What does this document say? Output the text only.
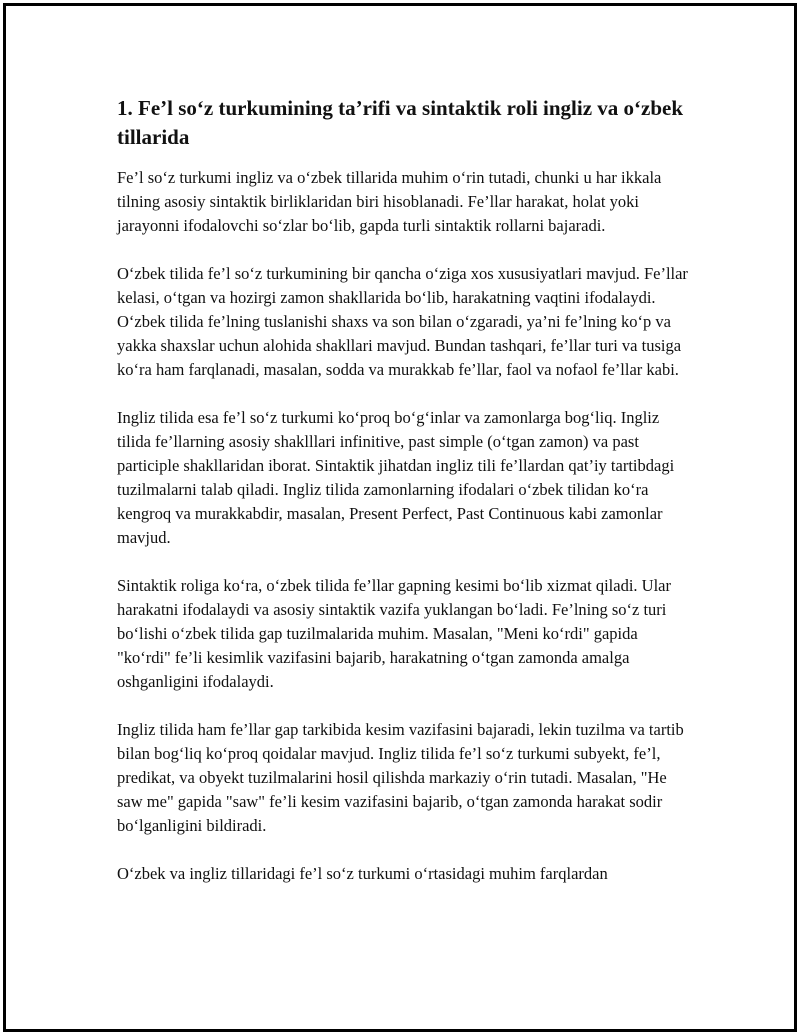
1. Fe’l so‘z turkumining ta’rifi va sintaktik roli ingliz va o‘zbek tillarida

Fe’l so‘z turkumi ingliz va o‘zbek tillarida muhim o‘rin tutadi, chunki u har ikkala tilning asosiy sintaktik birliklaridan biri hisoblanadi. Fe’llar harakat, holat yoki jarayonni ifodalovchi so‘zlar bo‘lib, gapda turli sintaktik rollarni bajaradi.

O‘zbek tilida fe’l so‘z turkumining bir qancha o‘ziga xos xususiyatlari mavjud. Fe’llar kelasi, o‘tgan va hozirgi zamon shakllarida bo‘lib, harakatning vaqtini ifodalaydi. O‘zbek tilida fe’lning tuslanishi shaxs va son bilan o‘zgaradi, ya’ni fe’lning ko‘p va yakka shaxslar uchun alohida shakllari mavjud. Bundan tashqari, fe’llar turi va tusiga ko‘ra ham farqlanadi, masalan, sodda va murakkab fe’llar, faol va nofaol fe’llar kabi.

Ingliz tilida esa fe’l so‘z turkumi ko‘proq bo‘g‘inlar va zamonlarga bog‘liq. Ingliz tilida fe’llarning asosiy shaklllari infinitive, past simple (o‘tgan zamon) va past participle shakllaridan iborat. Sintaktik jihatdan ingliz tili fe’llardan qat’iy tartibdagi tuzilmalarni talab qiladi. Ingliz tilida zamonlarning ifodalari o‘zbek tilidan ko‘ra kengroq va murakkabdir, masalan, Present Perfect, Past Continuous kabi zamonlar mavjud.

Sintaktik roliga ko‘ra, o‘zbek tilida fe’llar gapning kesimi bo‘lib xizmat qiladi. Ular harakatni ifodalaydi va asosiy sintaktik vazifa yuklangan bo‘ladi. Fe’lning so‘z turi bo‘lishi o‘zbek tilida gap tuzilmalarida muhim. Masalan, "Meni ko‘rdi" gapida "ko‘rdi" fe’li kesimlik vazifasini bajarib, harakatning o‘tgan zamonda amalga oshganligini ifodalaydi.

Ingliz tilida ham fe’llar gap tarkibida kesim vazifasini bajaradi, lekin tuzilma va tartib bilan bog‘liq ko‘proq qoidalar mavjud. Ingliz tilida fe’l so‘z turkumi subyekt, fe’l, predikat, va obyekt tuzilmalarini hosil qilishda markaziy o‘rin tutadi. Masalan, "He saw me" gapida "saw" fe’li kesim vazifasini bajarib, o‘tgan zamonda harakat sodir bo‘lganligini bildiradi.

O‘zbek va ingliz tillaridagi fe’l so‘z turkumi o‘rtasidagi muhim farqlardan
